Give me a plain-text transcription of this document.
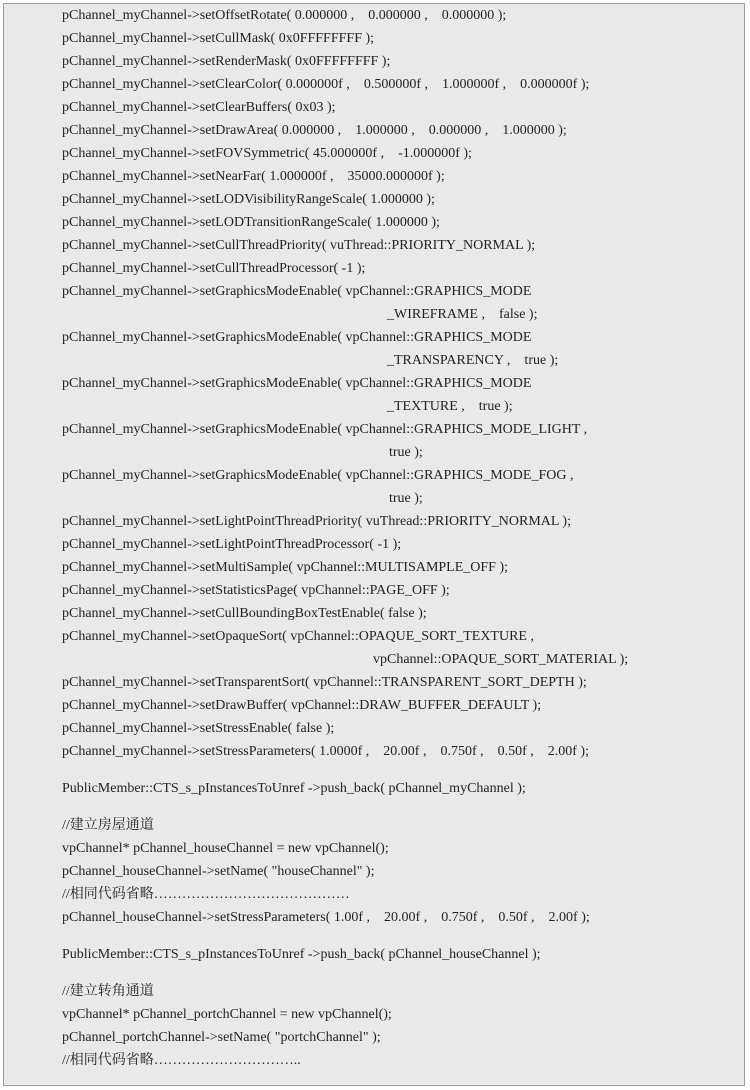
pChannel_myChannel->setOffsetRotate( 0.000000 ,    0.000000 ,    0.000000 );
pChannel_myChannel->setCullMask( 0x0FFFFFFFF );
pChannel_myChannel->setRenderMask( 0x0FFFFFFFF );
pChannel_myChannel->setClearColor( 0.000000f ,    0.500000f ,    1.000000f ,    0.000000f );
pChannel_myChannel->setClearBuffers( 0x03 );
pChannel_myChannel->setDrawArea( 0.000000 ,    1.000000 ,    0.000000 ,    1.000000 );
pChannel_myChannel->setFOVSymmetric( 45.000000f ,    -1.000000f );
pChannel_myChannel->setNearFar( 1.000000f ,    35000.000000f );
pChannel_myChannel->setLODVisibilityRangeScale( 1.000000 );
pChannel_myChannel->setLODTransitionRangeScale( 1.000000 );
pChannel_myChannel->setCullThreadPriority( vuThread::PRIORITY_NORMAL );
pChannel_myChannel->setCullThreadProcessor( -1 );
pChannel_myChannel->setGraphicsModeEnable( vpChannel::GRAPHICS_MODE
_WIREFRAME ,    false );
pChannel_myChannel->setGraphicsModeEnable( vpChannel::GRAPHICS_MODE
_TRANSPARENCY ,    true );
pChannel_myChannel->setGraphicsModeEnable( vpChannel::GRAPHICS_MODE
_TEXTURE ,    true );
pChannel_myChannel->setGraphicsModeEnable( vpChannel::GRAPHICS_MODE_LIGHT ,
true );
pChannel_myChannel->setGraphicsModeEnable( vpChannel::GRAPHICS_MODE_FOG ,
true );
pChannel_myChannel->setLightPointThreadPriority( vuThread::PRIORITY_NORMAL );
pChannel_myChannel->setLightPointThreadProcessor( -1 );
pChannel_myChannel->setMultiSample( vpChannel::MULTISAMPLE_OFF );
pChannel_myChannel->setStatisticsPage( vpChannel::PAGE_OFF );
pChannel_myChannel->setCullBoundingBoxTestEnable( false );
pChannel_myChannel->setOpaqueSort( vpChannel::OPAQUE_SORT_TEXTURE ,
vpChannel::OPAQUE_SORT_MATERIAL );
pChannel_myChannel->setTransparentSort( vpChannel::TRANSPARENT_SORT_DEPTH );
pChannel_myChannel->setDrawBuffer( vpChannel::DRAW_BUFFER_DEFAULT );
pChannel_myChannel->setStressEnable( false );
pChannel_myChannel->setStressParameters( 1.0000f ,    20.00f ,    0.750f ,    0.50f ,    2.00f );
PublicMember::CTS_s_pInstancesToUnref ->push_back( pChannel_myChannel );
//建立房屋通道
vpChannel* pChannel_houseChannel = new vpChannel();
pChannel_houseChannel->setName( "houseChannel" );
//相同代码省略……………………………………
pChannel_houseChannel->setStressParameters( 1.00f ,    20.00f ,    0.750f ,    0.50f ,    2.00f );
PublicMember::CTS_s_pInstancesToUnref ->push_back( pChannel_houseChannel );
//建立转角通道
vpChannel* pChannel_portchChannel = new vpChannel();
pChannel_portchChannel->setName( "portchChannel" );
//相同代码省略…………………………..
